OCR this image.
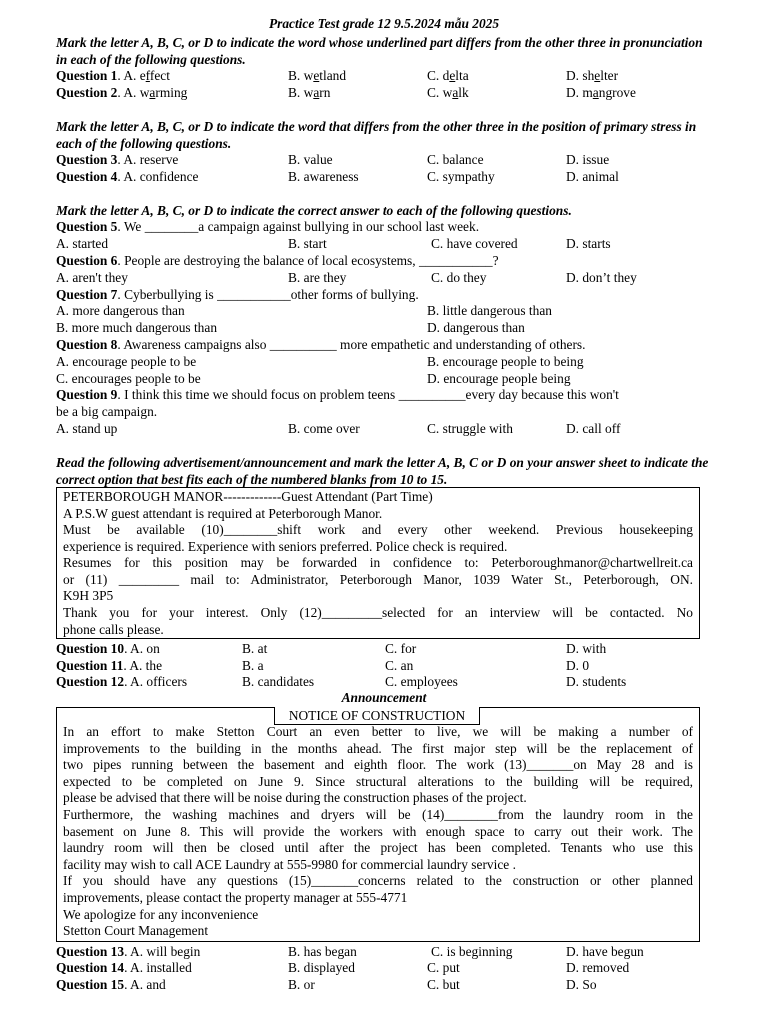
Practice Test grade 12 9.5.2024 mẫu 2025
Mark the letter A, B, C, or D to indicate the word whose underlined part differs from the other three in pronunciation in each of the following questions.
Question 1. A. effect	B. wetland	C. delta	D. shelter
Question 2. A. warming	B. warn	C. walk	D. mangrove
Mark the letter A, B, C, or D to indicate the word that differs from the other three in the position of primary stress in each of the following questions.
Question 3. A. reserve	B. value	C. balance	D. issue
Question 4. A. confidence	B. awareness	C. sympathy	D. animal
Mark the letter A, B, C, or D to indicate the correct answer to each of the following questions.
Question 5. We ________a campaign against bullying in our school last week.
A. started	B. start	C. have covered	D. starts
Question 6. People are destroying the balance of local ecosystems, ___________?
A. aren't they	B. are they	C. do they	D. don’t they
Question 7. Cyberbullying is ___________other forms of bullying.
A. more dangerous than	B. little dangerous than
B. more much dangerous than	D. dangerous than
Question 8. Awareness campaigns also __________ more empathetic and understanding of others.
A. encourage people to be	B. encourage people to being
C. encourages people to be	D. encourage people being
Question 9. I think this time we should focus on problem teens __________every day because this won't
be a big campaign.
A. stand up	B. come over	C. struggle with	D. call off
Read the following advertisement/announcement and mark the letter A, B, C or D on your answer sheet to indicate the correct option that best fits each of the numbered blanks from 10 to 15.
PETERBOROUGH MANOR-------------Guest Attendant (Part Time)
A P.S.W guest attendant is required at Peterborough Manor.
Must be available (10)________shift work and every other weekend. Previous housekeeping
experience is required. Experience with seniors preferred. Police check is required.
Resumes for this position may be forwarded in confidence to: Peterboroughmanor@chartwellreit.ca
or (11) _________ mail to: Administrator, Peterborough Manor, 1039 Water St., Peterborough, ON.
K9H 3P5
Thank you for your interest. Only (12)_________selected for an interview will be contacted. No
phone calls please.
Question 10. A. on	B. at	C. for	D. with
Question 11. A. the	B. a	C. an	D. 0
Question 12. A. officers	B. candidates	C. employees	D. students
Announcement
NOTICE OF CONSTRUCTION
In an effort to make Stetton Court an even better to live, we will be making a number of
improvements to the building in the months ahead. The first major step will be the replacement of
two pipes running between the basement and eighth floor. The work (13)_______on May 28 and is
expected to be completed on June 9. Since structural alterations to the building will be required,
please be advised that there will be noise during the construction phases of the project.
Furthermore, the washing machines and dryers will be (14)________from the laundry room in the
basement on June 8. This will provide the workers with enough space to carry out their work. The
laundry room will then be closed until after the project has been completed. Tenants who use this
facility may wish to call ACE Laundry at 555-9980 for commercial laundry service .
If you should have any questions (15)_______concerns related to the construction or other planned
improvements, please contact the property manager at 555-4771
We apologize for any inconvenience
Stetton Court Management
Question 13. A. will begin	B. has began	C. is beginning	D. have begun
Question 14. A. installed	B. displayed	C. put	D. removed
Question 15. A. and	B. or	C. but	D. So
